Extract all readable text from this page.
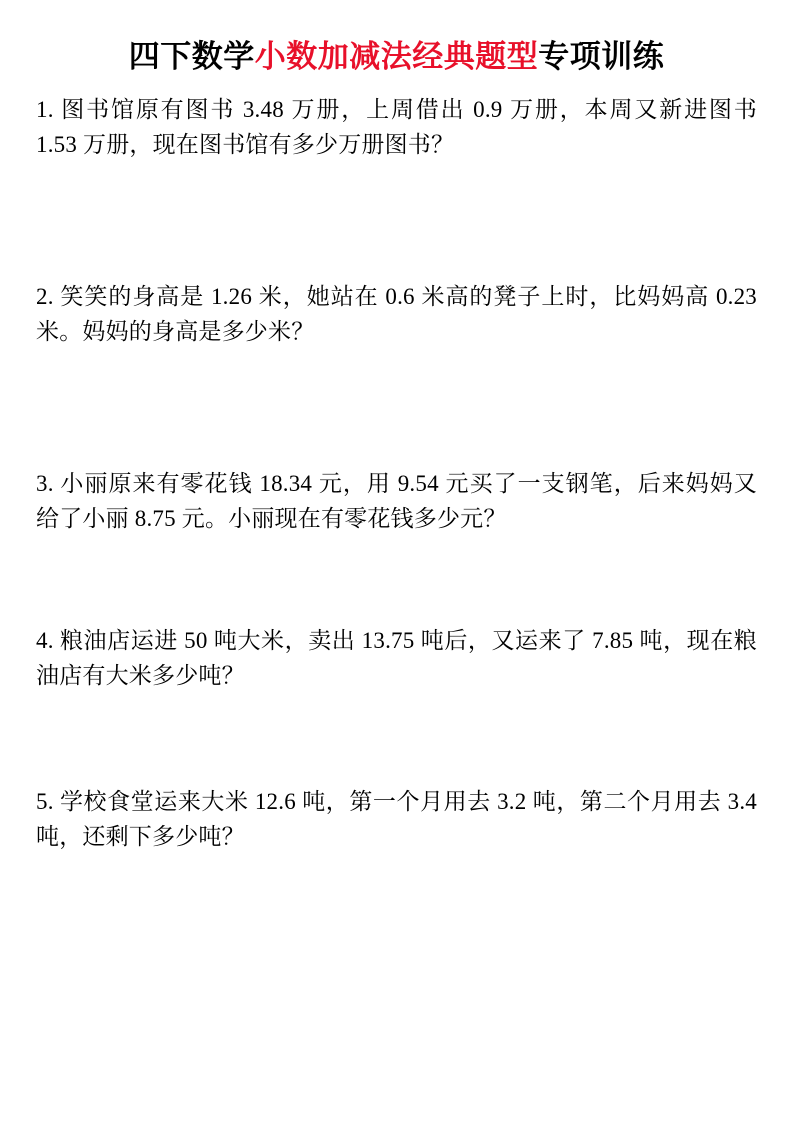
四下数学小数加减法经典题型专项训练
1. 图书馆原有图书 3.48 万册，上周借出 0.9 万册，本周又新进图书 1.53 万册，现在图书馆有多少万册图书？
2. 笑笑的身高是 1.26 米，她站在 0.6 米高的凳子上时，比妈妈高 0.23 米。妈妈的身高是多少米？
3. 小丽原来有零花钱 18.34 元，用 9.54 元买了一支钢笔，后来妈妈又给了小丽 8.75 元。小丽现在有零花钱多少元？
4. 粮油店运进 50 吨大米，卖出 13.75 吨后，又运来了 7.85 吨，现在粮油店有大米多少吨？
5. 学校食堂运来大米 12.6 吨，第一个月用去 3.2 吨，第二个月用去 3.4 吨，还剩下多少吨？
